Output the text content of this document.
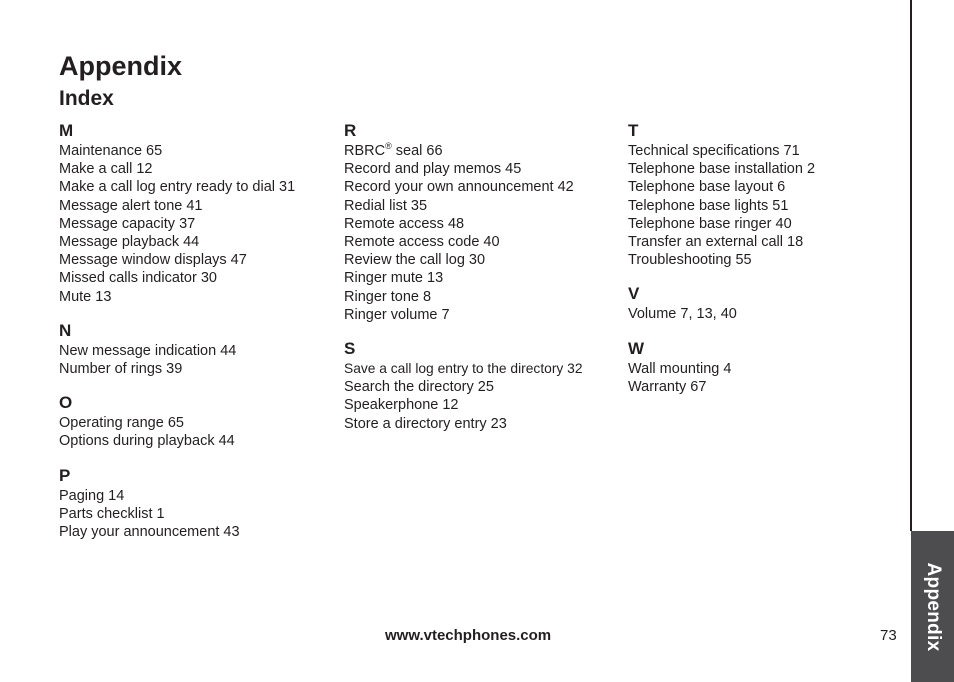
Appendix
Index
M
Maintenance 65
Make a call 12
Make a call log entry ready to dial 31
Message alert tone 41
Message capacity 37
Message playback 44
Message window displays 47
Missed calls indicator 30
Mute 13
N
New message indication 44
Number of rings 39
O
Operating range 65
Options during playback 44
P
Paging 14
Parts checklist 1
Play your announcement 43
R
RBRC® seal 66
Record and play memos 45
Record your own announcement 42
Redial list 35
Remote access 48
Remote access code 40
Review the call log 30
Ringer mute 13
Ringer tone 8
Ringer volume 7
S
Save a call log entry to the directory 32
Search the directory 25
Speakerphone 12
Store a directory entry 23
T
Technical specifications 71
Telephone base installation 2
Telephone base layout 6
Telephone base lights 51
Telephone base ringer 40
Transfer an external call 18
Troubleshooting 55
V
Volume 7, 13, 40
W
Wall mounting 4
Warranty 67
www.vtechphones.com	73 Appendix
